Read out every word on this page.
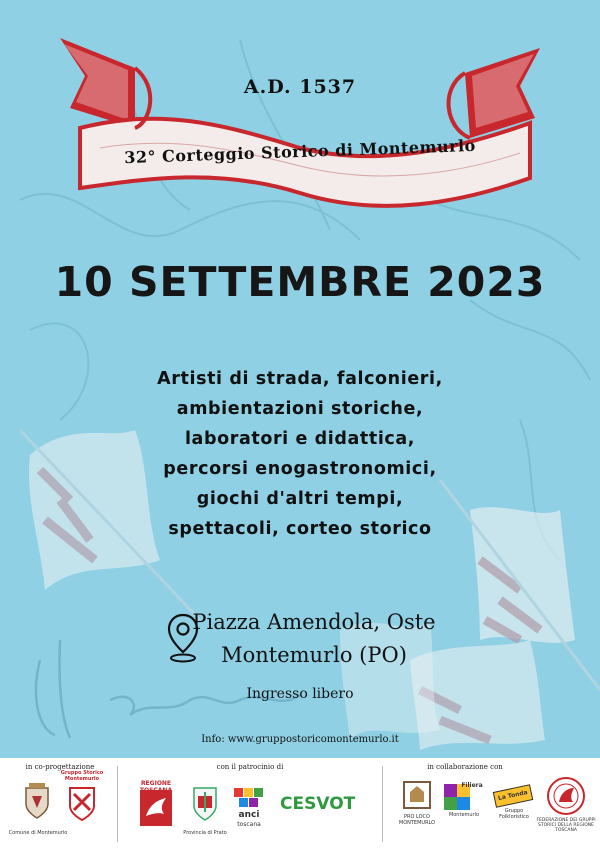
A.D. 1537
32° Corteggio Storico di Montemurlo
10 SETTEMBRE 2023
Artisti di strada, falconieri,
ambientazioni storiche,
laboratori e didattica,
percorsi enogastronomici,
giochi d'altri tempi,
spettacoli, corteo storico
Piazza Amendola, Oste
Montemurlo (PO)
Ingresso libero
Info: www.gruppostoricomontemurlo.it
in co-progettazione	con il patrocinio di	in collaborazione con
Comune di Montemurlo
Gruppo Storico Montemurlo
REGIONE
Provincia di Prato
anci
toscana
CESVOT
PRO LOCO MONTEMURLO
Filiera
Montemurlo
La Tonda
Gruppo Folkloristico
FEDERAZIONE DEI GRUPPI STORICI DELLA REGIONE TOSCANA
